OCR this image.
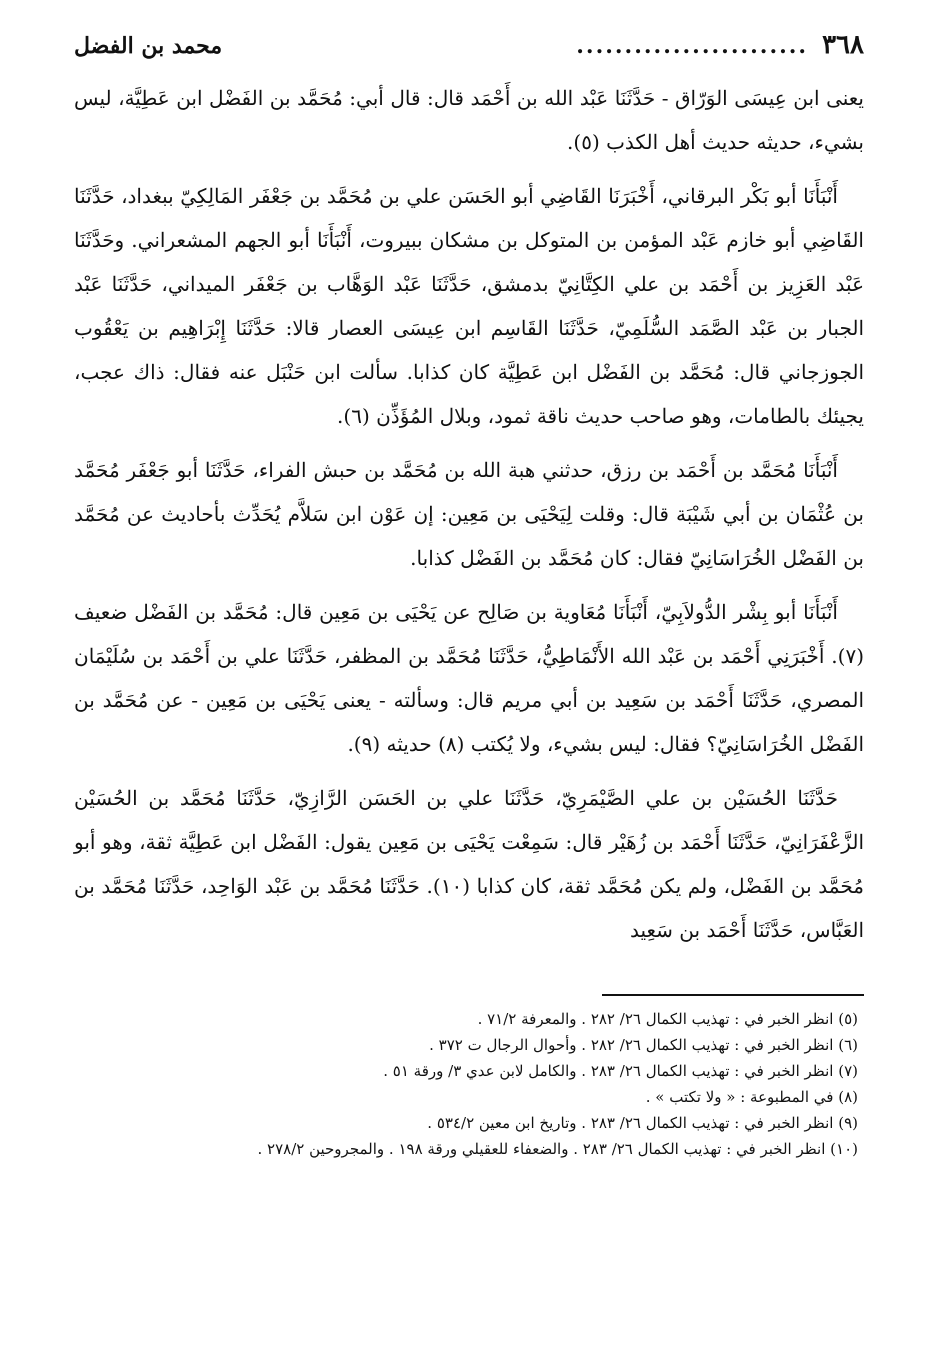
٣٦٨
........................
محمد بن الفضل

يعنى ابن عِيسَى الوَرّاق - حَدَّثَنَا عَبْد الله بن أَحْمَد قال: قال أبي: مُحَمَّد بن الفَضْل ابن عَطِيَّة، ليس بشيء، حديثه حديث أهل الكذب (٥).

أَنْبَأَنَا أبو بَكْر البرقاني، أَخْبَرَنَا القَاضِي أبو الحَسَن علي بن مُحَمَّد بن جَعْفَر المَالِكِيّ ببغداد، حَدَّثَنَا القَاضِي أبو خازم عَبْد المؤمن بن المتوكل بن مشكان ببيروت، أَنْبَأَنَا أبو الجهم المشعراني. وحَدَّثَنَا عَبْد العَزِيز بن أَحْمَد بن علي الكِتَّانِيّ بدمشق، حَدَّثَنَا عَبْد الوَهَّاب بن جَعْفَر الميداني، حَدَّثَنَا عَبْد الجبار بن عَبْد الصَّمَد السُّلَمِيّ، حَدَّثَنَا القَاسِم ابن عِيسَى العصار قالا: حَدَّثَنَا إِبْرَاهِيم بن يَعْقُوب الجوزجاني قال: مُحَمَّد بن الفَضْل ابن عَطِيَّة كان كذابا. سألت ابن حَنْبَل عنه فقال: ذاك عجب، يجيئك بالطامات، وهو صاحب حديث ناقة ثمود، وبلال المُؤَذِّن (٦).

أَنْبَأَنَا مُحَمَّد بن أَحْمَد بن رزق، حدثني هبة الله بن مُحَمَّد بن حبش الفراء، حَدَّثَنَا أبو جَعْفَر مُحَمَّد بن عُثْمَان بن أبي شَيْبَة قال: وقلت لِيَحْيَى بن مَعِين: إن عَوْن ابن سَلاَّم يُحَدِّث بأحاديث عن مُحَمَّد بن الفَضْل الخُرَاسَانِيّ فقال: كان مُحَمَّد بن الفَضْل كذابا.

أَنْبَأَنَا أبو بِشْر الدُّولاَبِيّ، أَنْبَأَنَا مُعَاوية بن صَالِح عن يَحْيَى بن مَعِين قال: مُحَمَّد بن الفَضْل ضعيف (٧). أَخْبَرَنِي أَحْمَد بن عَبْد الله الأَنْمَاطِيُّ، حَدَّثَنَا مُحَمَّد بن المظفر، حَدَّثَنَا علي بن أَحْمَد بن سُلَيْمَان المصري، حَدَّثَنَا أَحْمَد بن سَعِيد بن أبي مريم قال: وسألته - يعنى يَحْيَى بن مَعِين - عن مُحَمَّد بن الفَضْل الخُرَاسَانِيّ؟ فقال: ليس بشيء، ولا يُكتب (٨) حديثه (٩).

حَدَّثَنَا الحُسَيْن بن علي الصَّيْمَرِيّ، حَدَّثَنَا علي بن الحَسَن الرَّازِيّ، حَدَّثَنَا مُحَمَّد بن الحُسَيْن الزَّعْفَرَانِيّ، حَدَّثَنَا أَحْمَد بن زُهَيْر قال: سَمِعْت يَحْيَى بن مَعِين يقول: الفَضْل ابن عَطِيَّة ثقة، وهو أبو مُحَمَّد بن الفَضْل، ولم يكن مُحَمَّد ثقة، كان كذابا (١٠). حَدَّثَنَا مُحَمَّد بن عَبْد الوَاحِد، حَدَّثَنَا مُحَمَّد بن العَبَّاس، حَدَّثَنَا أَحْمَد بن سَعِيد

(٥) انظر الخبر في : تهذيب الكمال ٢٦/ ٢٨٢ . والمعرفة ٧١/٢ .
(٦) انظر الخبر في : تهذيب الكمال ٢٦/ ٢٨٢ . وأحوال الرجال ت ٣٧٢ .
(٧) انظر الخبر في : تهذيب الكمال ٢٦/ ٢٨٣ . والكامل لابن عدي ٣/ ورقة ٥١ .
(٨) في المطبوعة : « ولا تكتب » .
(٩) انظر الخبر في : تهذيب الكمال ٢٦/ ٢٨٣ . وتاريخ ابن معين ٥٣٤/٢ .
(١٠) انظر الخبر في : تهذيب الكمال ٢٦/ ٢٨٣ . والضعفاء للعقيلي ورقة ١٩٨ . والمجروحين ٢٧٨/٢ .
